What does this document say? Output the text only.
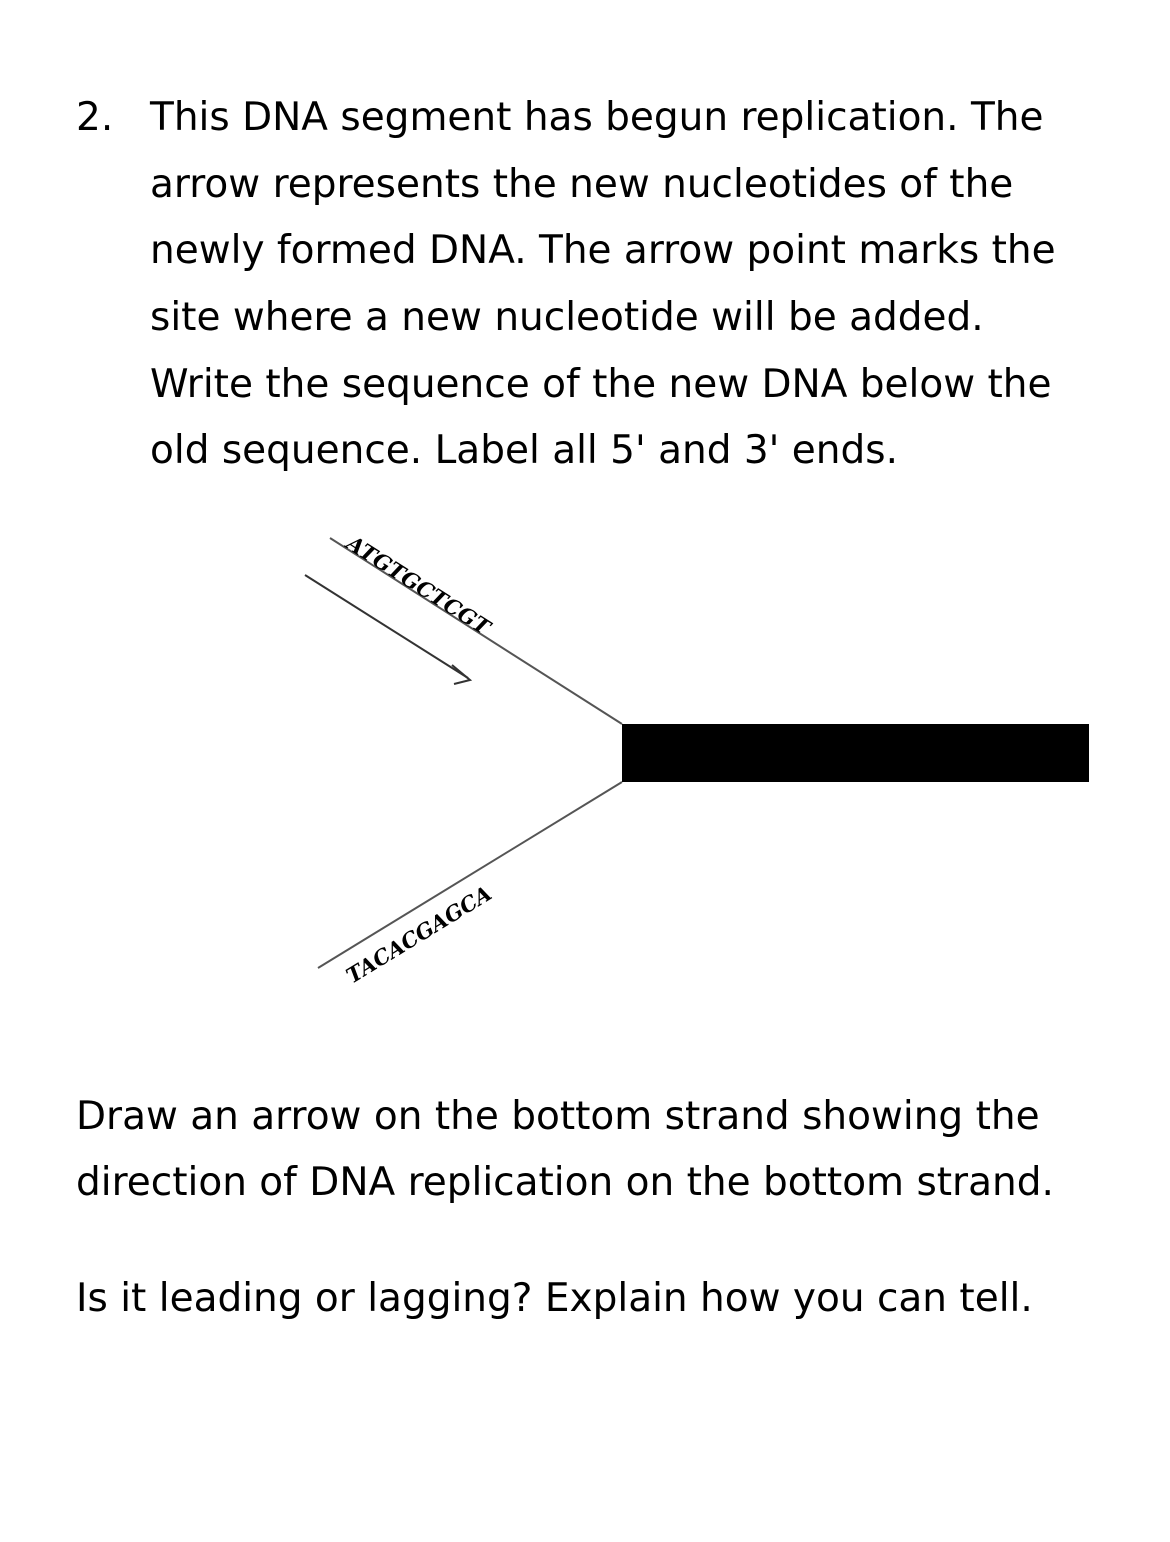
2. This DNA segment has begun replication. The
arrow represents the new nucleotides of the
newly formed DNA. The arrow point marks the
site where a new nucleotide will be added.
Write the sequence of the new DNA below the
old sequence. Label all 5' and 3' ends.
ATGTGCTCGT
TACACGAGCA
Draw an arrow on the bottom strand showing the
direction of DNA replication on the bottom strand.
Is it leading or lagging? Explain how you can tell.
